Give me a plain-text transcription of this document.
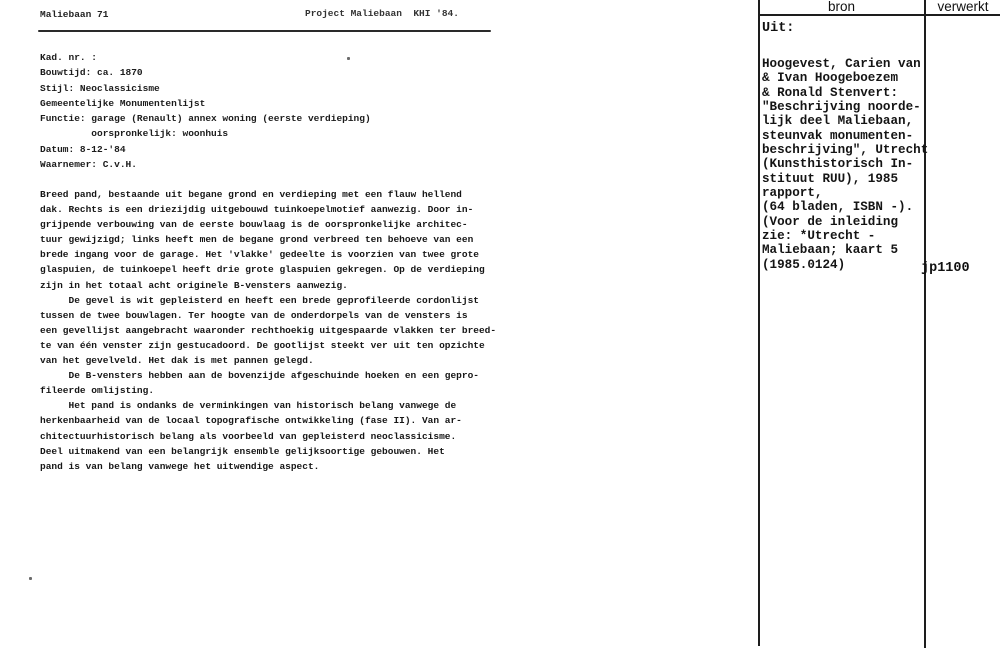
Maliebaan 71	Project Maliebaan  KHI '84.
Kad. nr. :
Bouwtijd: ca. 1870
Stijl: Neoclassicisme
Gemeentelijke Monumentenlijst
Functie: garage (Renault) annex woning (eerste verdieping)
oorspronkelijk: woonhuis
Datum: 8-12-'84
Waarnemer: C.v.H.
Breed pand, bestaande uit begane grond en verdieping met een flauw hellend
dak. Rechts is een driezijdig uitgebouwd tuinkoepelmotief aanwezig. Door in-
grijpende verbouwing van de eerste bouwlaag is de oorspronkelijke architec-
tuur gewijzigd; links heeft men de begane grond verbreed ten behoeve van een
brede ingang voor de garage. Het 'vlakke' gedeelte is voorzien van twee grote
glaspuien, de tuinkoepel heeft drie grote glaspuien gekregen. Op de verdieping
zijn in het totaal acht originele B-vensters aanwezig.
De gevel is wit gepleisterd en heeft een brede geprofileerde cordonlijst
tussen de twee bouwlagen. Ter hoogte van de onderdorpels van de vensters is
een gevellijst aangebracht waaronder rechthoekig uitgespaarde vlakken ter breed-
te van één venster zijn gestucadoord. De gootlijst steekt ver uit ten opzichte
van het gevelveld. Het dak is met pannen gelegd.
De B-vensters hebben aan de bovenzijde afgeschuinde hoeken en een gepro-
fileerde omlijsting.
Het pand is ondanks de verminkingen van historisch belang vanwege de
herkenbaarheid van de locaal topografische ontwikkeling (fase II). Van ar-
chitectuurhistorisch belang als voorbeeld van gepleisterd neoclassicisme.
Deel uitmakend van een belangrijk ensemble gelijksoortige gebouwen. Het
pand is van belang vanwege het uitwendige aspect.
bron	verwerkt
Uit:
Hoogevest, Carien van
& Ivan Hoogeboezem
& Ronald Stenvert:
"Beschrijving noorde-
lijk deel Maliebaan,
steunvak monumenten-
beschrijving", Utrecht
(Kunsthistorisch In-
stituut RUU), 1985
rapport,
(64 bladen, ISBN -).
(Voor de inleiding
zie: *Utrecht -
Maliebaan; kaart 5
(1985.0124)	jp1100
